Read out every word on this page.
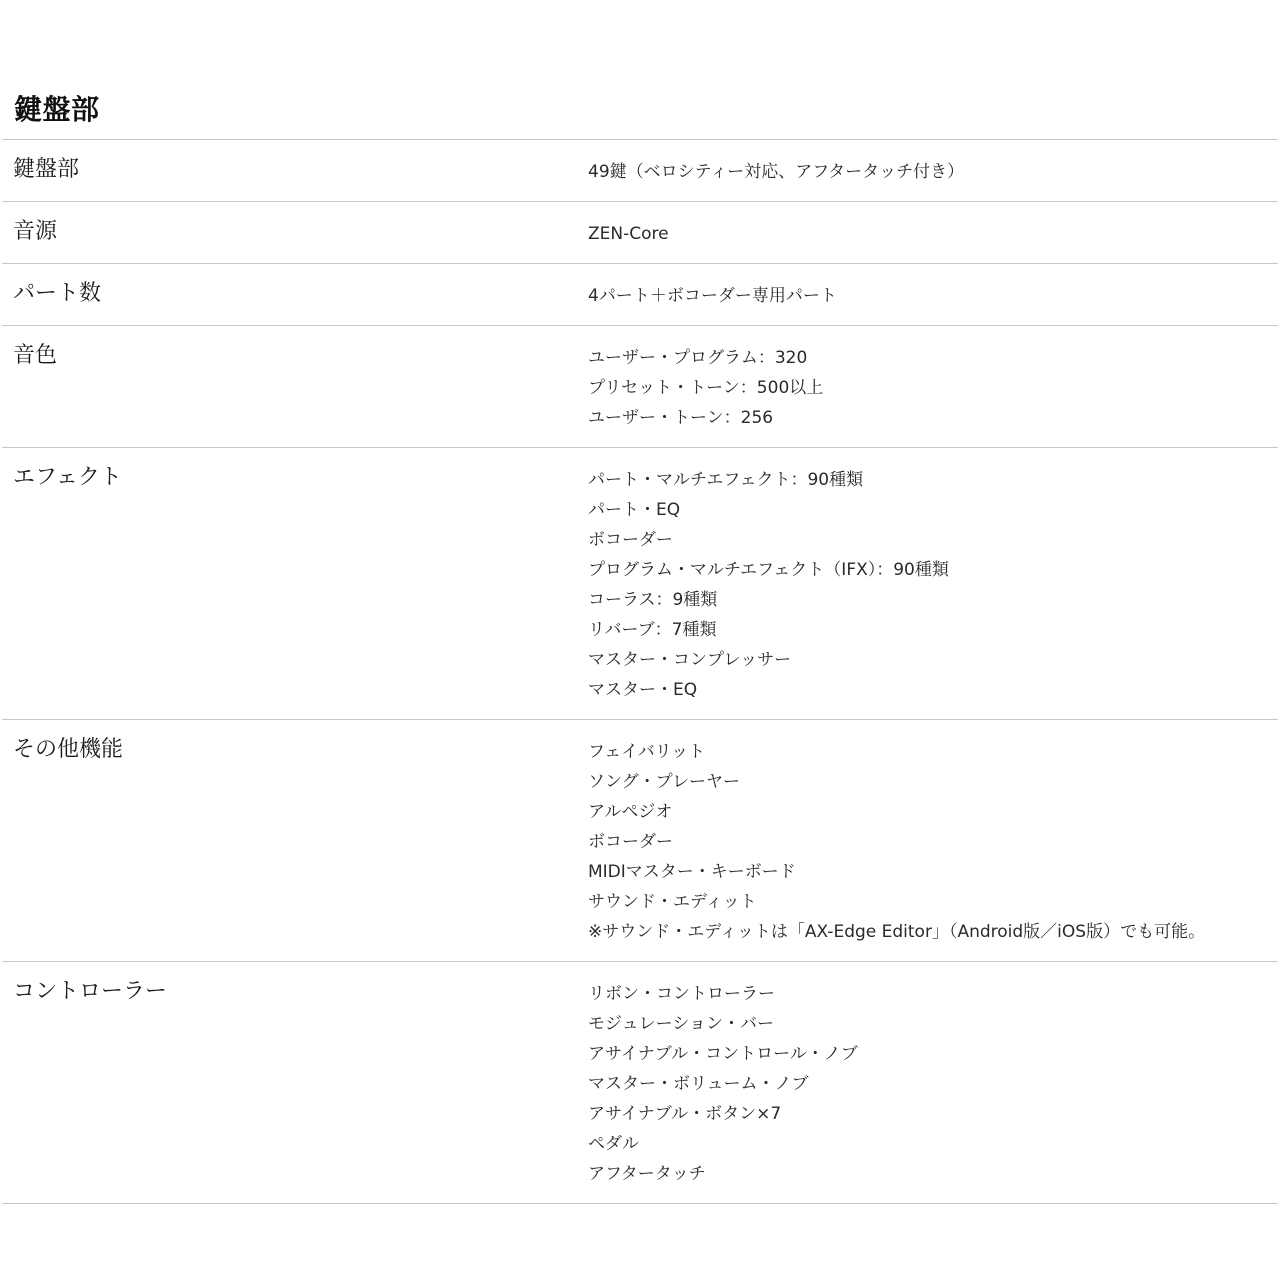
鍵盤部
鍵盤部	49鍵（ベロシティー対応、アフタータッチ付き）
音源	ZEN-Core
パート数	4パート＋ボコーダー専用パート
音色	ユーザー・プログラム：320
プリセット・トーン：500以上
ユーザー・トーン：256
エフェクト	パート・マルチエフェクト：90種類
パート・EQ
ボコーダー
プログラム・マルチエフェクト（IFX）：90種類
コーラス：9種類
リバーブ：7種類
マスター・コンプレッサー
マスター・EQ
その他機能	フェイバリット
ソング・プレーヤー
アルペジオ
ボコーダー
MIDIマスター・キーボード
サウンド・エディット
※サウンド・エディットは「AX-Edge Editor」（Android版／iOS版）でも可能。
コントローラー	リボン・コントローラー
モジュレーション・バー
アサイナブル・コントロール・ノブ
マスター・ボリューム・ノブ
アサイナブル・ボタン×7
ペダル
アフタータッチ
